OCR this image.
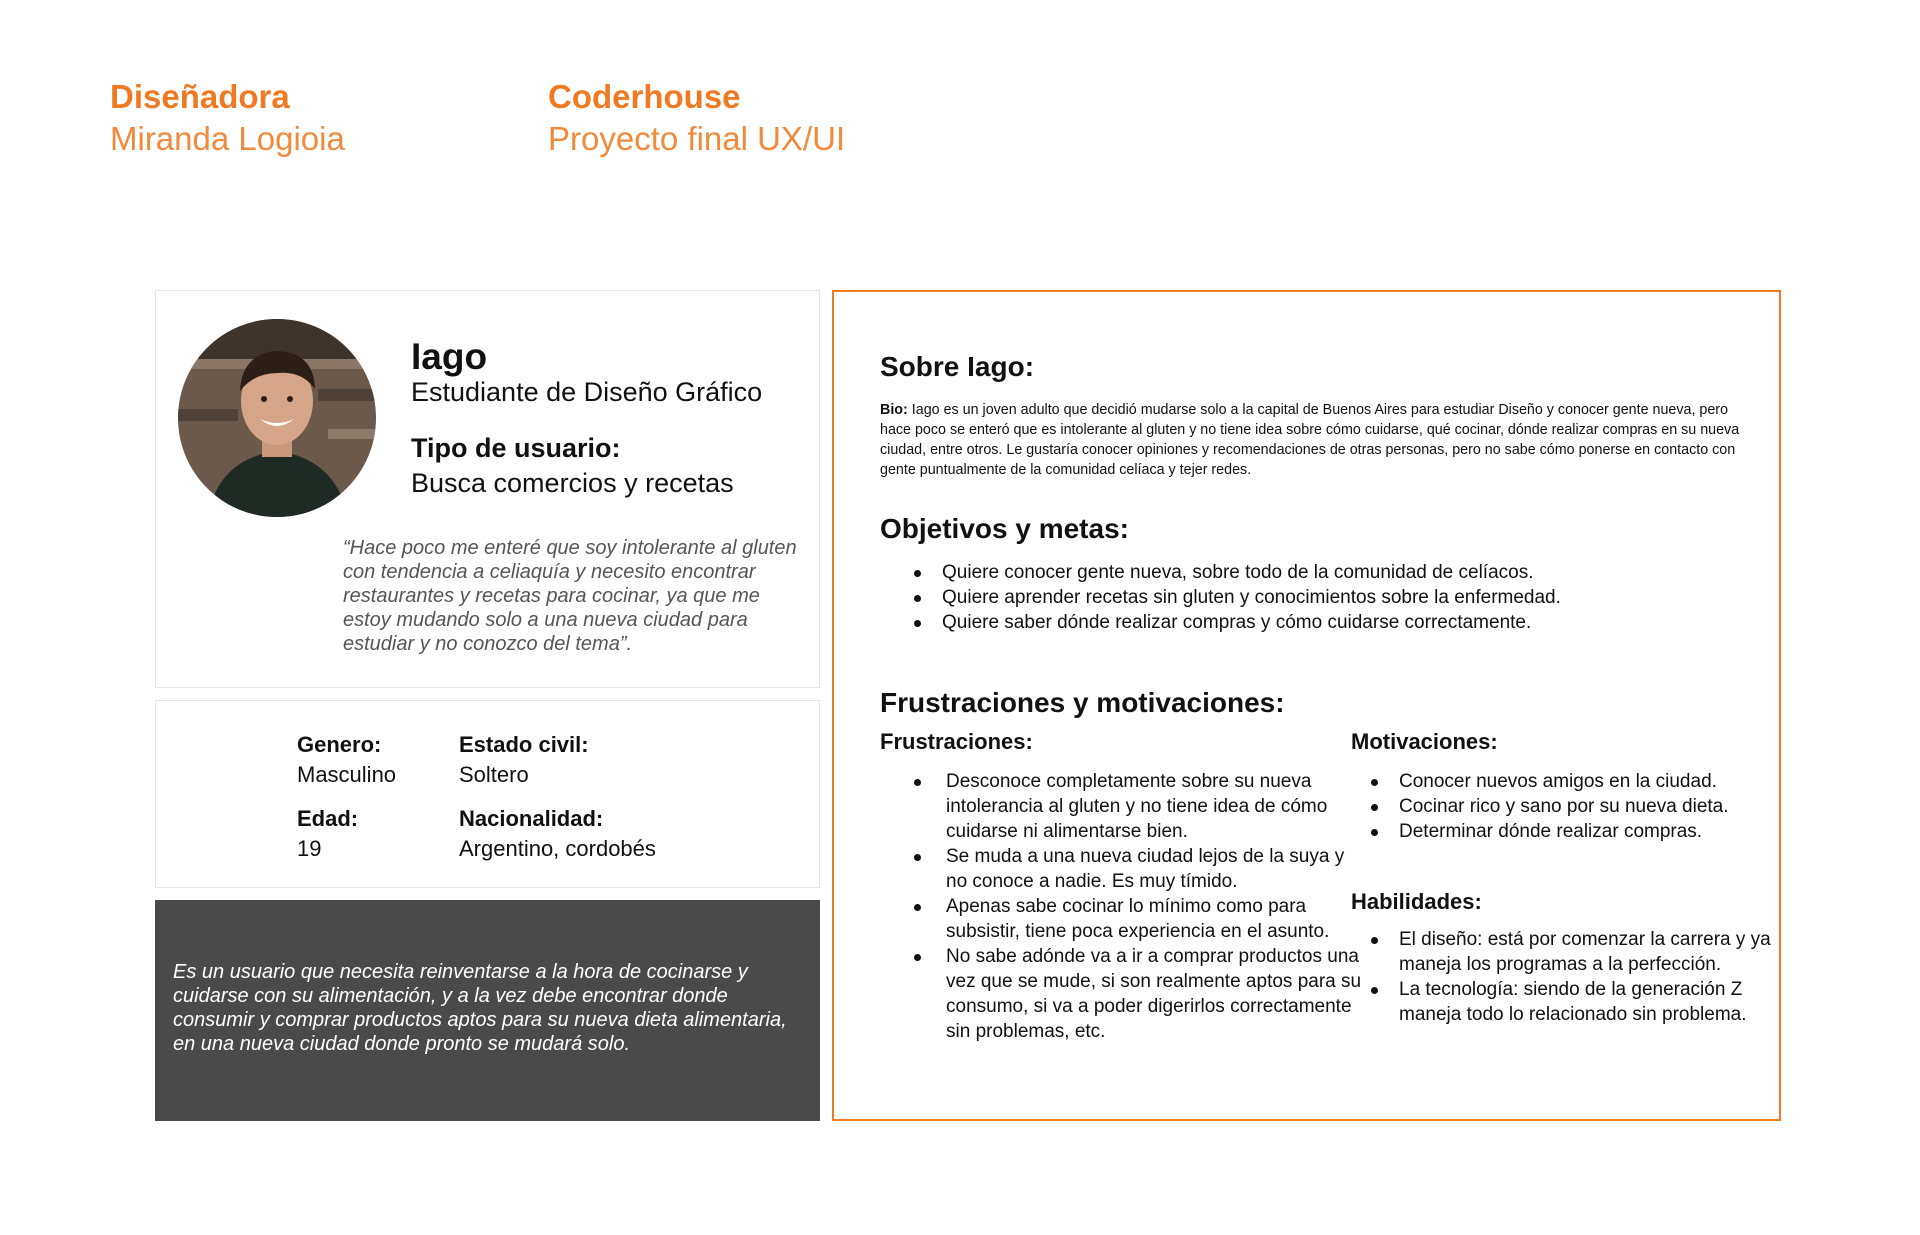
Diseñadora
Miranda Logioia
Coderhouse
Proyecto final UX/UI
Iago
Estudiante de Diseño Gráfico
Tipo de usuario:
Busca comercios y recetas
“Hace poco me enteré que soy intolerante al gluten con tendencia a celiaquía y necesito encontrar restaurantes y recetas para cocinar, ya que me estoy mudando solo a una nueva ciudad para estudiar y no conozco del tema”.
Genero:
Masculino
Estado civil:
Soltero
Edad:
19
Nacionalidad:
Argentino, cordobés
Es un usuario que necesita reinventarse a la hora de cocinarse y cuidarse con su alimentación, y a la vez debe encontrar donde consumir y comprar productos aptos para su nueva dieta alimentaria, en una nueva ciudad donde pronto se mudará solo.
Sobre Iago:
Bio: Iago es un joven adulto que decidió mudarse solo a la capital de Buenos Aires para estudiar Diseño y conocer gente nueva, pero hace poco se enteró que es intolerante al gluten y no tiene idea sobre cómo cuidarse, qué cocinar, dónde realizar compras en su nueva ciudad, entre otros. Le gustaría conocer opiniones y recomendaciones de otras personas, pero no sabe cómo ponerse en contacto con gente puntualmente de la comunidad celíaca y tejer redes.
Objetivos y metas:
Quiere conocer gente nueva, sobre todo de la comunidad de celíacos.
Quiere aprender recetas sin gluten y conocimientos sobre la enfermedad.
Quiere saber dónde realizar compras y cómo cuidarse correctamente.
Frustraciones y motivaciones:
Frustraciones:	Motivaciones:
Desconoce completamente sobre su nueva intolerancia al gluten y no tiene idea de cómo cuidarse ni alimentarse bien.
Se muda a una nueva ciudad lejos de la suya y no conoce a nadie. Es muy tímido.
Apenas sabe cocinar lo mínimo como para subsistir, tiene poca experiencia en el asunto.
No sabe adónde va a ir a comprar productos una vez que se mude, si son realmente aptos para su consumo, si va a poder digerirlos correctamente sin problemas, etc.
Conocer nuevos amigos en la ciudad.
Cocinar rico y sano por su nueva dieta.
Determinar dónde realizar compras.
Habilidades:
El diseño: está por comenzar la carrera y ya maneja los programas a la perfección.
La tecnología: siendo de la generación Z maneja todo lo relacionado sin problema.
